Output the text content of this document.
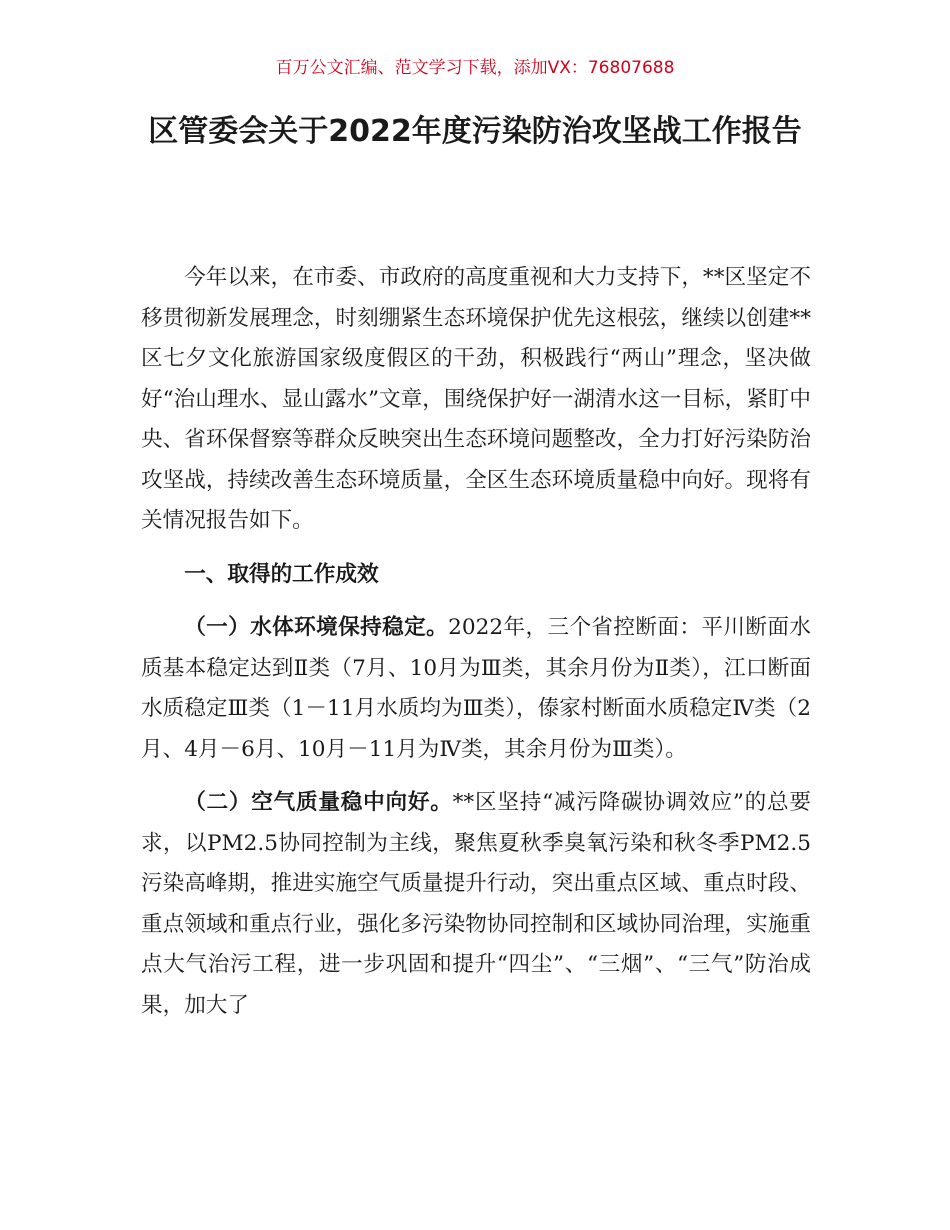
百万公文汇编、范文学习下载，添加VX：76807688
区管委会关于2022年度污染防治攻坚战工作报告

今年以来，在市委、市政府的高度重视和大力支持下，**区坚定不移贯彻新发展理念，时刻绷紧生态环境保护优先这根弦，继续以创建**区七夕文化旅游国家级度假区的干劲，积极践行“两山”理念，坚决做好“治山理水、显山露水”文章，围绕保护好一湖清水这一目标，紧盯中央、省环保督察等群众反映突出生态环境问题整改，全力打好污染防治攻坚战，持续改善生态环境质量，全区生态环境质量稳中向好。现将有关情况报告如下。

一、取得的工作成效

（一）水体环境保持稳定。2022年，三个省控断面：平川断面水质基本稳定达到Ⅱ类（7月、10月为Ⅲ类，其余月份为Ⅱ类），江口断面水质稳定Ⅲ类（1－11月水质均为Ⅲ类），傣家村断面水质稳定Ⅳ类（2月、4月－6月、10月－11月为Ⅳ类，其余月份为Ⅲ类）。

（二）空气质量稳中向好。**区坚持“减污降碳协调效应”的总要求，以PM2.5协同控制为主线，聚焦夏秋季臭氧污染和秋冬季PM2.5污染高峰期，推进实施空气质量提升行动，突出重点区域、重点时段、重点领域和重点行业，强化多污染物协同控制和区域协同治理，实施重点大气治污工程，进一步巩固和提升“四尘”、“三烟”、“三气”防治成果，加大了
